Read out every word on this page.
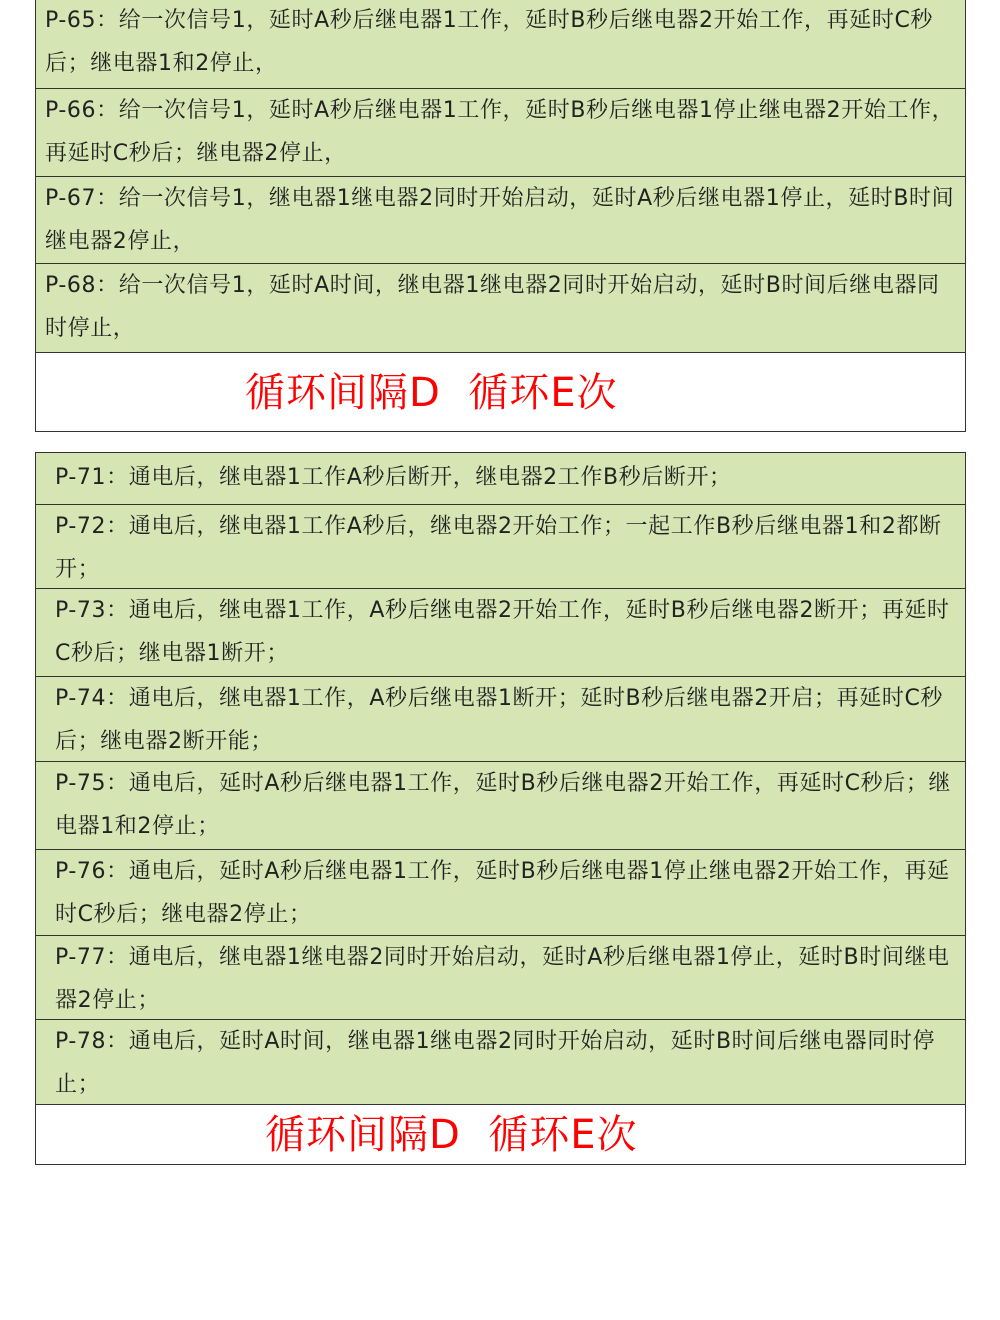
P-65：给一次信号1，延时A秒后继电器1工作，延时B秒后继电器2开始工作，再延时C秒后；继电器1和2停止，
P-66：给一次信号1，延时A秒后继电器1工作，延时B秒后继电器1停止继电器2开始工作，再延时C秒后；继电器2停止，
P-67：给一次信号1，继电器1继电器2同时开始启动，延时A秒后继电器1停止，延时B时间继电器2停止，
P-68：给一次信号1，延时A时间，继电器1继电器2同时开始启动，延时B时间后继电器同时停止，
循环间隔D  循环E次
P-71：通电后，继电器1工作A秒后断开，继电器2工作B秒后断开；
P-72：通电后，继电器1工作A秒后，继电器2开始工作；一起工作B秒后继电器1和2都断开；
P-73：通电后，继电器1工作，A秒后继电器2开始工作，延时B秒后继电器2断开；再延时C秒后；继电器1断开；
P-74：通电后，继电器1工作，A秒后继电器1断开；延时B秒后继电器2开启；再延时C秒后；继电器2断开能；
P-75：通电后，延时A秒后继电器1工作，延时B秒后继电器2开始工作，再延时C秒后；继电器1和2停止；
P-76：通电后，延时A秒后继电器1工作，延时B秒后继电器1停止继电器2开始工作，再延时C秒后；继电器2停止；
P-77：通电后，继电器1继电器2同时开始启动，延时A秒后继电器1停止，延时B时间继电器2停止；
P-78：通电后，延时A时间，继电器1继电器2同时开始启动，延时B时间后继电器同时停止；
循环间隔D  循环E次
